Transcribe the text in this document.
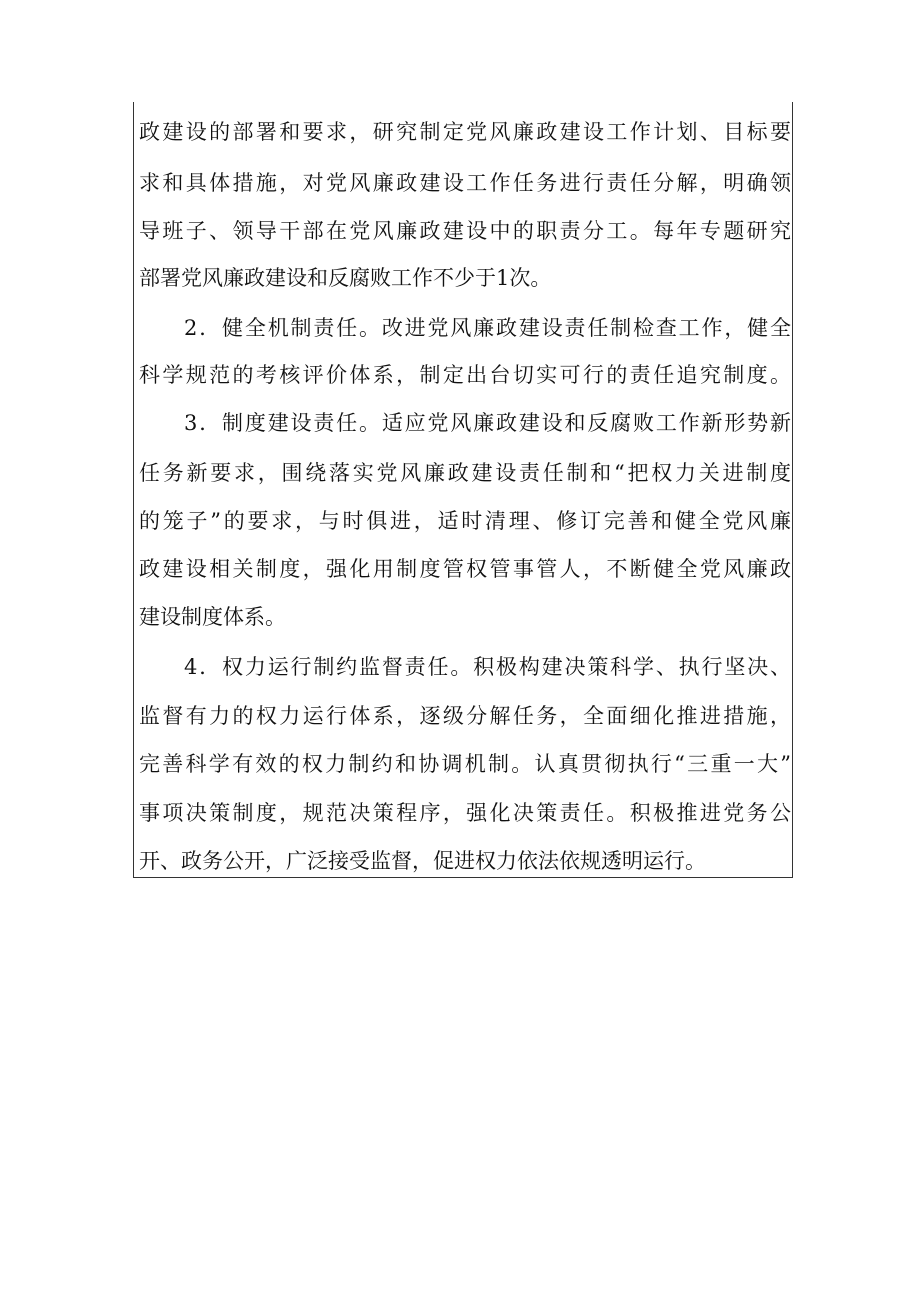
政建设的部署和要求，研究制定党风廉政建设工作计划、目标要
求和具体措施，对党风廉政建设工作任务进行责任分解，明确领
导班子、领导干部在党风廉政建设中的职责分工。每年专题研究
部署党风廉政建设和反腐败工作不少于1次。
2．健全机制责任。改进党风廉政建设责任制检查工作，健全
科学规范的考核评价体系，制定出台切实可行的责任追究制度。
3．制度建设责任。适应党风廉政建设和反腐败工作新形势新
任务新要求，围绕落实党风廉政建设责任制和“把权力关进制度
的笼子”的要求，与时俱进，适时清理、修订完善和健全党风廉
政建设相关制度，强化用制度管权管事管人，不断健全党风廉政
建设制度体系。
4．权力运行制约监督责任。积极构建决策科学、执行坚决、
监督有力的权力运行体系，逐级分解任务，全面细化推进措施，
完善科学有效的权力制约和协调机制。认真贯彻执行“三重一大”
事项决策制度，规范决策程序，强化决策责任。积极推进党务公
开、政务公开，广泛接受监督，促进权力依法依规透明运行。
